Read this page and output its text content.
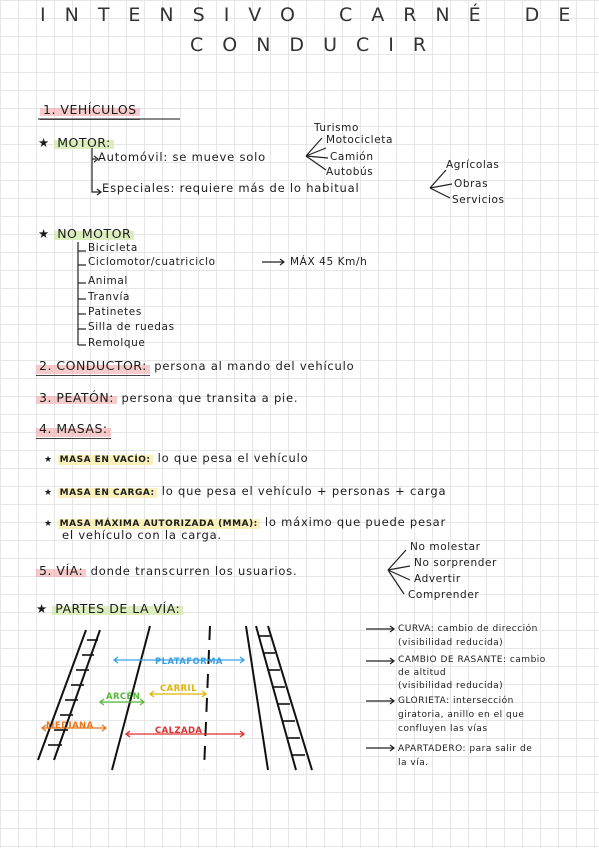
INTENSIVO CARNÉ DE
CONDUCIR
1. VEHÍCULOS
★ MOTOR:
Automóvil: se mueve solo
Turismo
Motocicleta
Camión
Autobús
Especiales: requiere más de lo habitual
Agrícolas
Obras
Servicios
★ NO MOTOR
Bicicleta
Ciclomotor/cuatriciclo	MÁX 45 Km/h
Animal
Tranvía
Patinetes
Silla de ruedas
Remolque
2. CONDUCTOR: persona al mando del vehículo
3. PEATÓN: persona que transita a pie.
4. MASAS:
★ MASA EN VACÍO: lo que pesa el vehículo
★ MASA EN CARGA: lo que pesa el vehículo + personas + carga
★ MASA MÁXIMA AUTORIZADA (MMA): lo máximo que puede pesar
el vehículo con la carga.
5. VÍA: donde transcurren los usuarios.
No molestar
No sorprender
Advertir
Comprender
★ PARTES DE LA VÍA:
CURVA: cambio de dirección
(visibilidad reducida)
CAMBIO DE RASANTE: cambio
de altitud
(visibilidad reducida)
GLORIETA: intersección
giratoria, anillo en el que
confluyen las vías
APARTADERO: para salir de
la vía.
PLATAFORMA
ARCÉN
CARRIL
MEDIANA	CALZADA
